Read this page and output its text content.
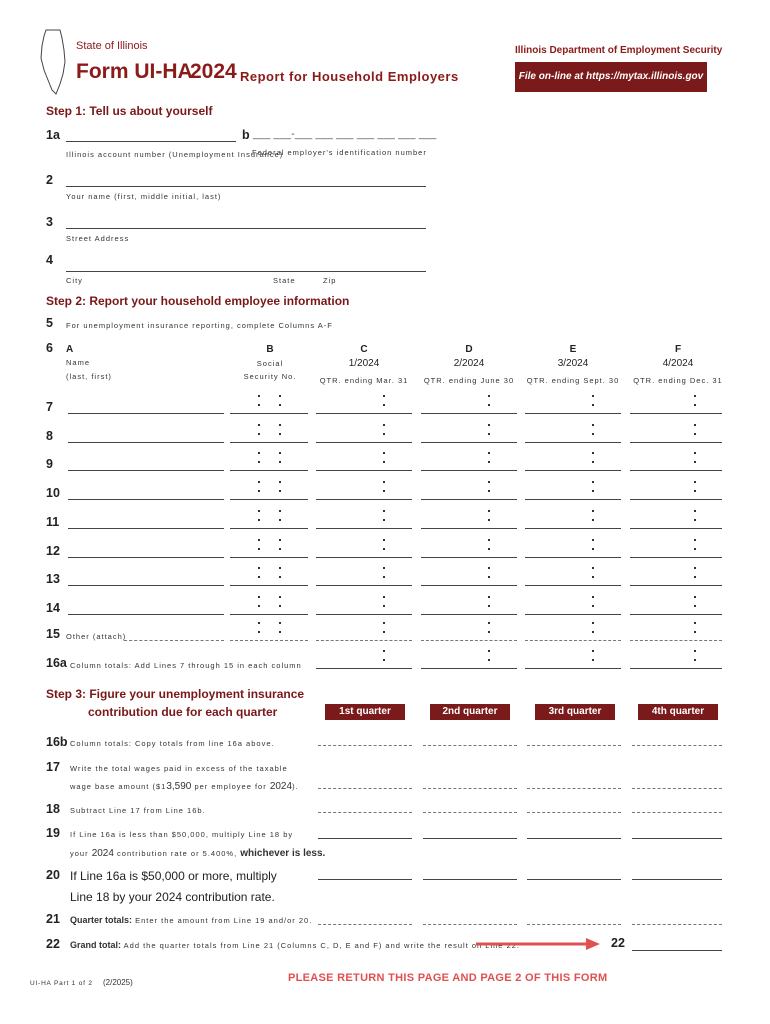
State of Illinois
Form UI-HA
2024 Report for Household Employers
Illinois Department of Employment Security
File on-line at https://mytax.illinois.gov
Step 1: Tell us about yourself
1a	b ___ ___-___ ___ ___ ___ ___ ___ ___
Illinois account number (Unemployment Insurance)
Federal employer's identification number
2
Your name (first, middle initial, last)
3
Street Address
4
City	State	Zip
Step 2: Report your household employee information
5 For unemployment insurance reporting, complete Columns A-F
6 A
Name
(last, first)
B
Social
Security No.
C
1/2024
QTR. ending Mar. 31
D
2/2024
QTR. ending June 30
E
3/2024
QTR. ending Sept. 30
F
4/2024
QTR. ending Dec. 31
7
8
9
10
11
12
13
14
15 Other (attach)
16a Column totals: Add Lines 7 through 15 in each column
Step 3: Figure your unemployment insurance
contribution due for each quarter	1st quarter	2nd quarter	3rd quarter	4th quarter
16b Column totals: Copy totals from line 16a above.
17 Write the total wages paid in excess of the taxable
wage base amount ($13,590 per employee for 2024).
18 Subtract Line 17 from Line 16b.
19 If Line 16a is less than $50,000, multiply Line 18 by
your 2024 contribution rate or 5.400%, whichever is less.
20 If Line 16a is $50,000 or more, multiply
Line 18 by your 2024 contribution rate.
21 Quarter totals: Enter the amount from Line 19 and/or 20.
22 Grand total: Add the quarter totals from Line 21 (Columns C, D, E and F) and write the result on Line 22.	22
UI-HA Part 1 of 2 (2/2025)	PLEASE RETURN THIS PAGE AND PAGE 2 OF THIS FORM
